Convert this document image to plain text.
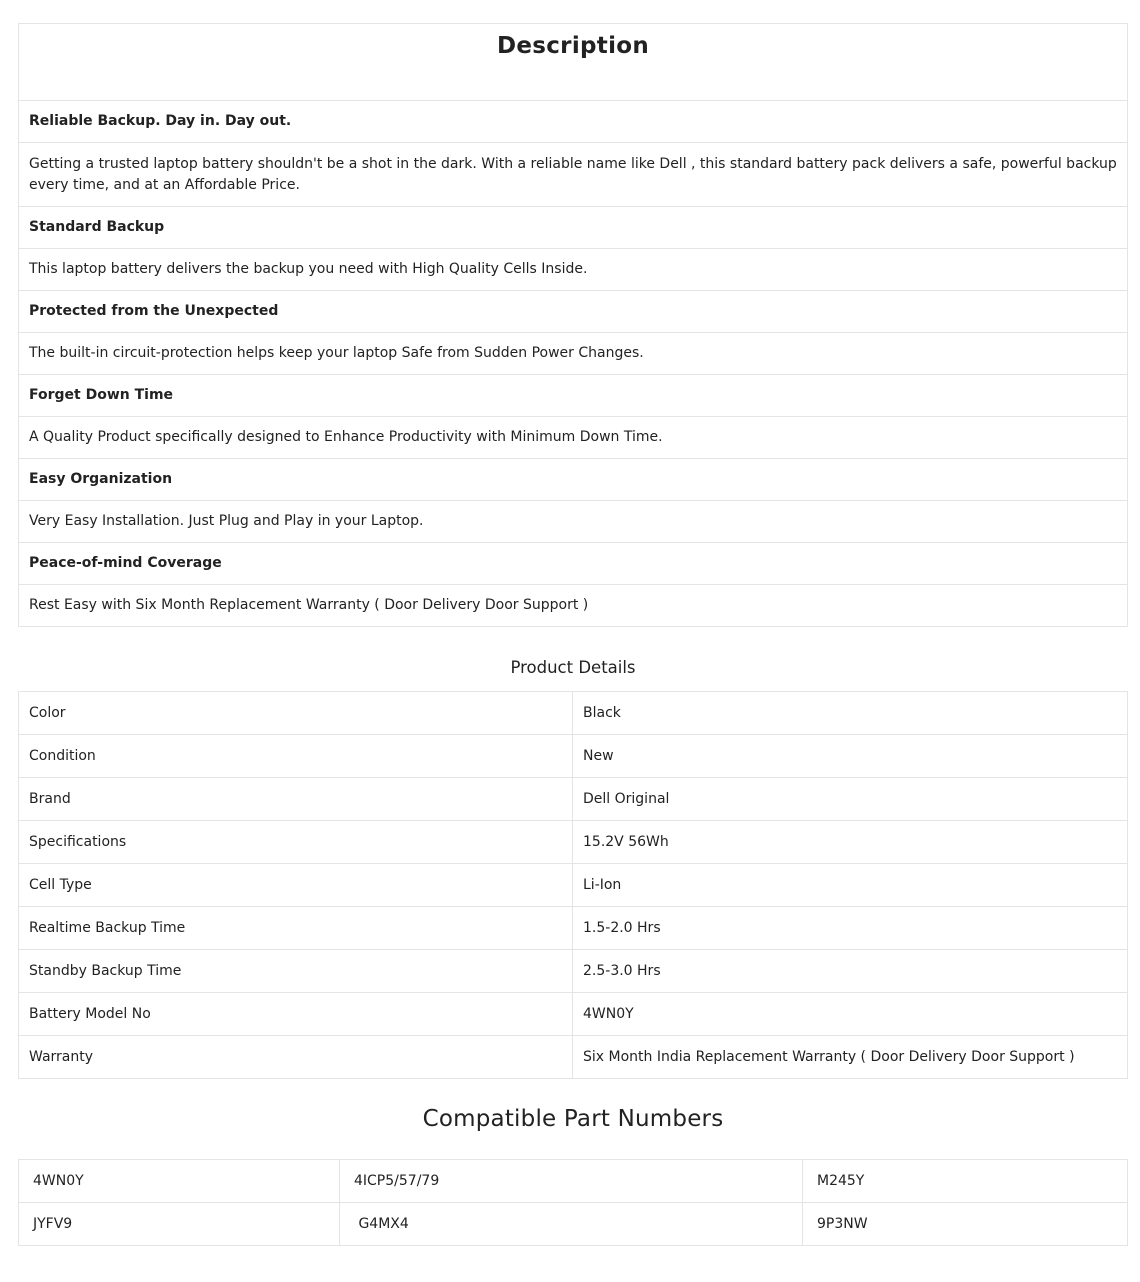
Description
Reliable Backup. Day in. Day out.
Getting a trusted laptop battery shouldn't be a shot in the dark. With a reliable name like Dell , this standard battery pack delivers a safe, powerful backup every time, and at an Affordable Price.
Standard Backup
This laptop battery delivers the backup you need with High Quality Cells Inside.
Protected from the Unexpected
The built-in circuit-protection helps keep your laptop Safe from Sudden Power Changes.
Forget Down Time
A Quality Product specifically designed to Enhance Productivity with Minimum Down Time.
Easy Organization
Very Easy Installation. Just Plug and Play in your Laptop.
Peace-of-mind Coverage
Rest Easy with Six Month Replacement Warranty ( Door Delivery Door Support )
Product Details
Color	Black
Condition	New
Brand	Dell Original
Specifications	15.2V 56Wh
Cell Type	Li-Ion
Realtime Backup Time	1.5-2.0 Hrs
Standby Backup Time	2.5-3.0 Hrs
Battery Model No	4WN0Y
Warranty	Six Month India Replacement Warranty ( Door Delivery Door Support )
Compatible Part Numbers
4WN0Y	4ICP5/57/79	M245Y
JYFV9	G4MX4	9P3NW
